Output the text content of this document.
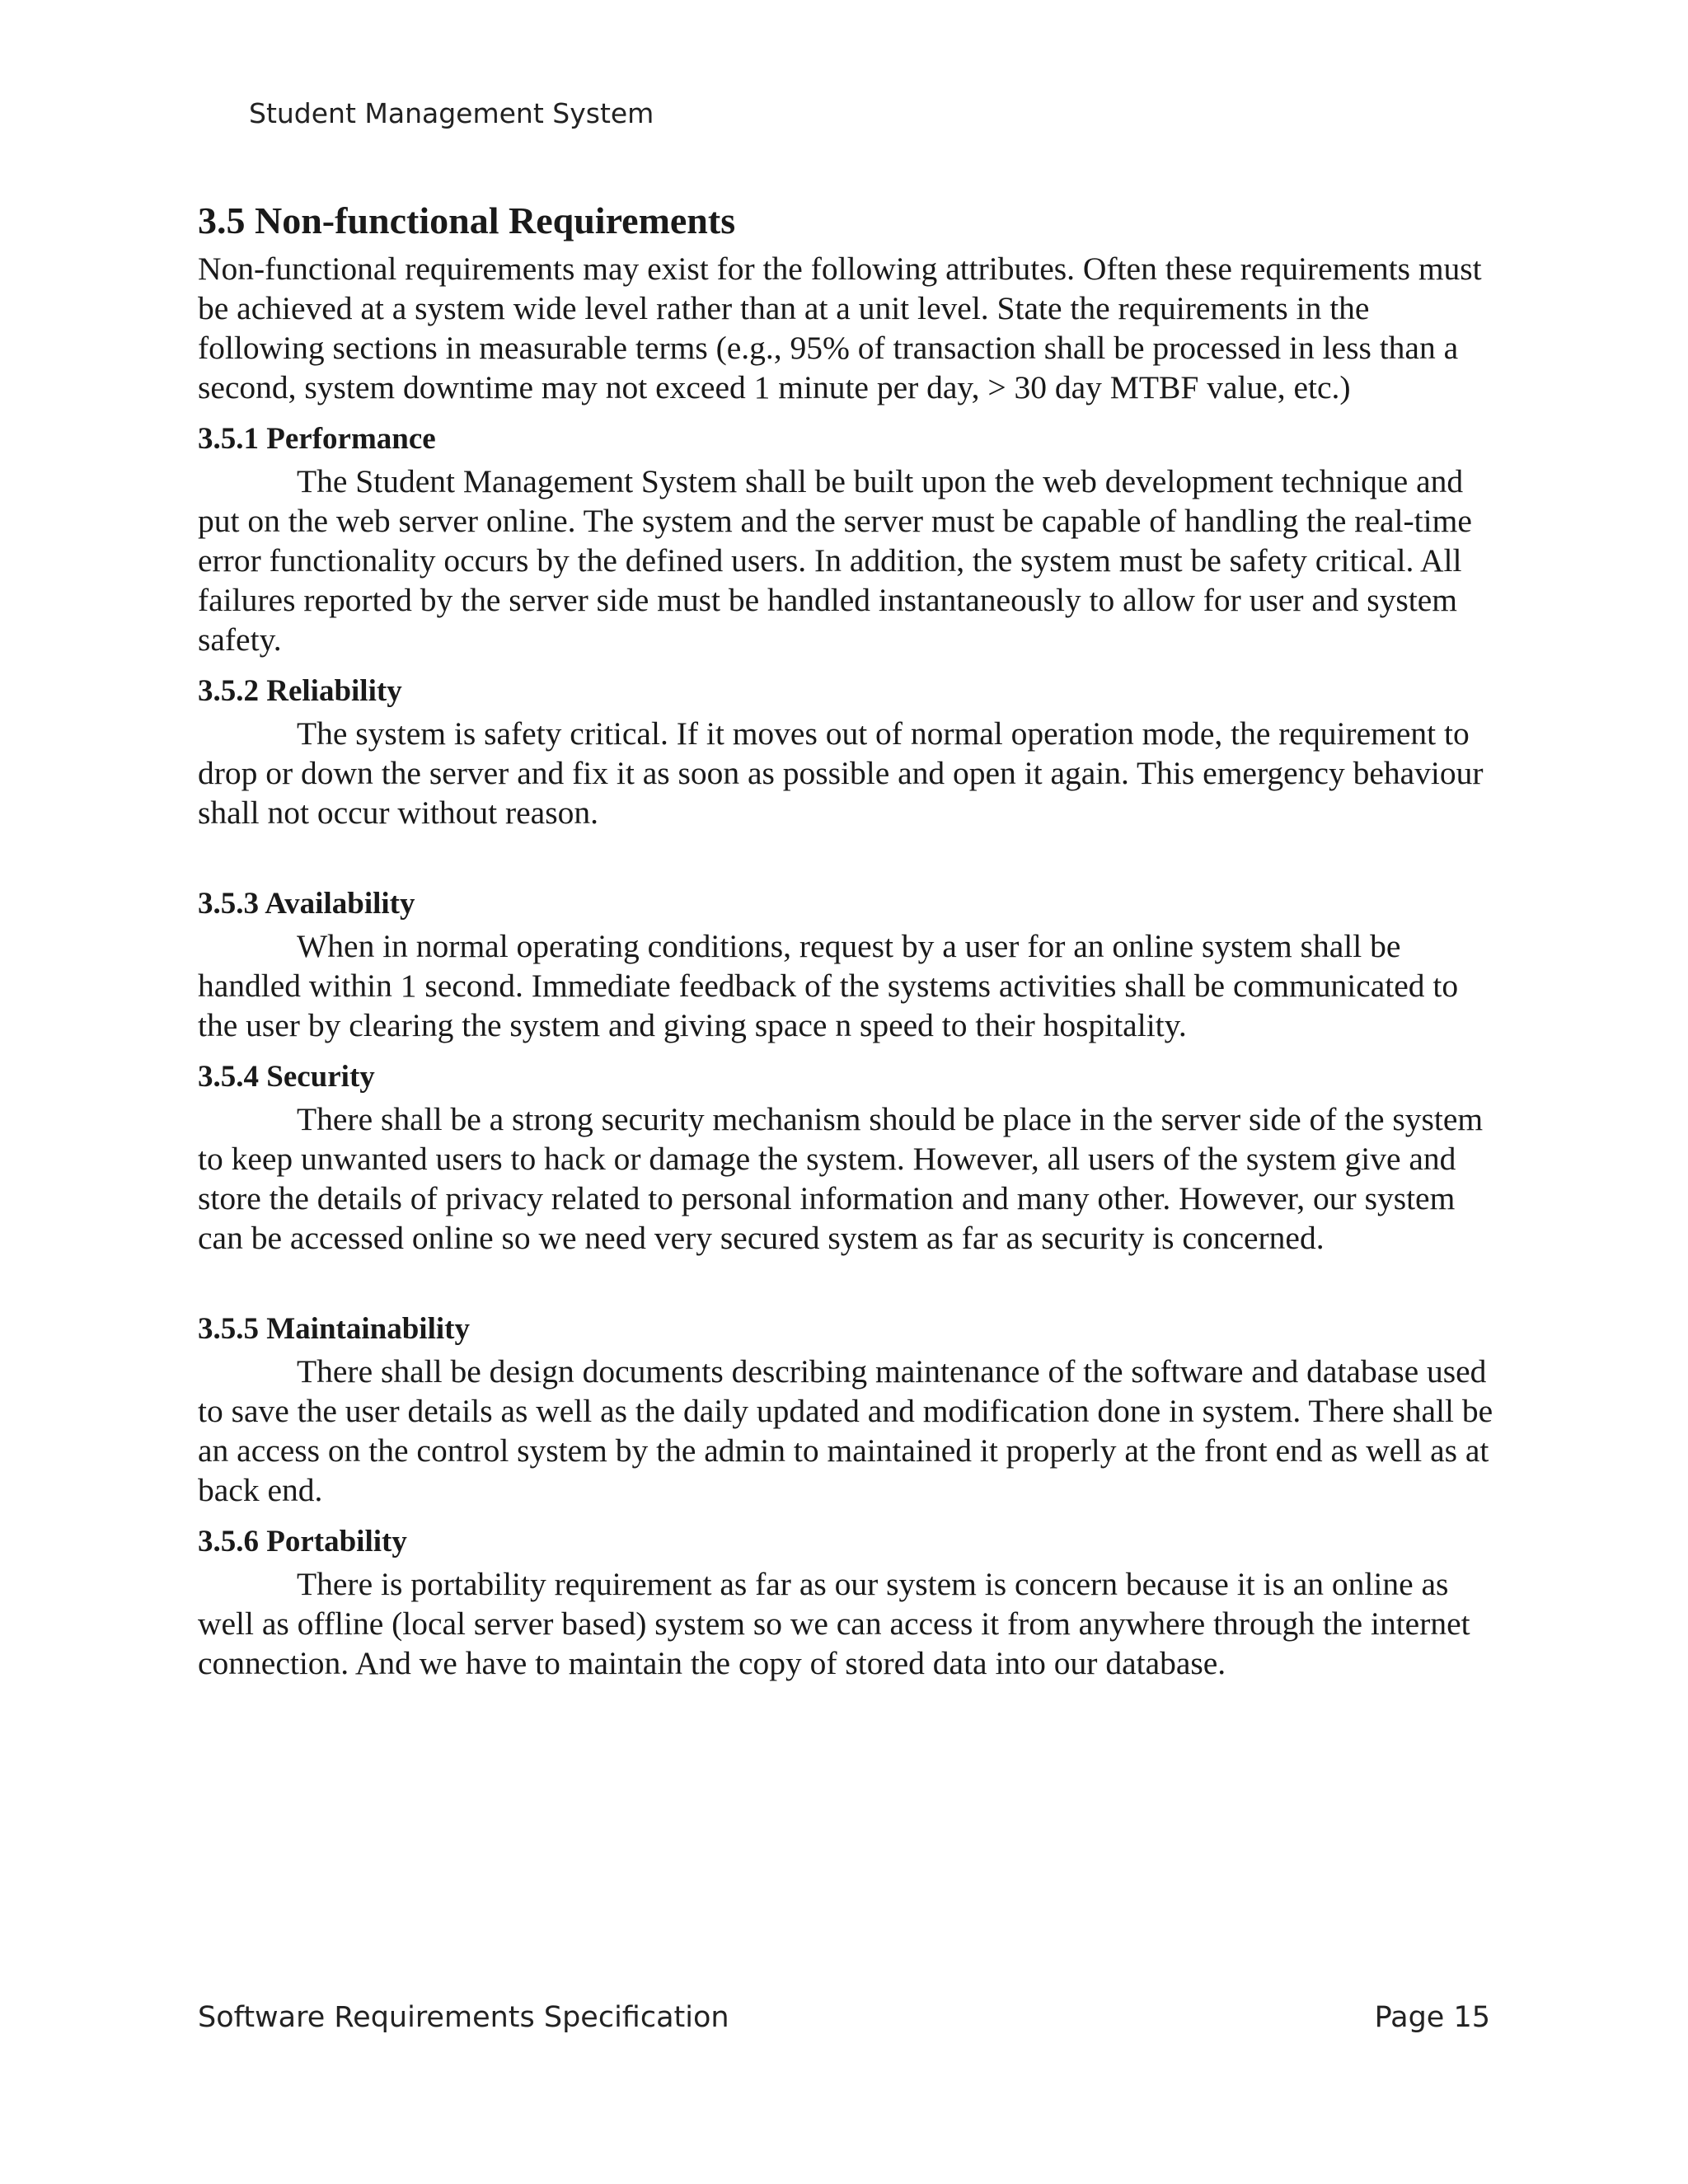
Student Management System
3.5 Non-functional Requirements

Non-functional requirements may exist for the following attributes. Often these requirements must be achieved at a system wide level rather than at a unit level. State the requirements in the following sections in measurable terms (e.g., 95% of transaction shall be processed in less than a second, system downtime may not exceed 1 minute per day, > 30 day MTBF value, etc.)

3.5.1 Performance

The Student Management System shall be built upon the web development technique and put on the web server online. The system and the server must be capable of handling the real-time error functionality occurs by the defined users. In addition, the system must be safety critical. All failures reported by the server side must be handled instantaneously to allow for user and system safety.

3.5.2 Reliability

The system is safety critical. If it moves out of normal operation mode, the requirement to drop or down the server and fix it as soon as possible and open it again. This emergency behaviour shall not occur without reason.

3.5.3 Availability

When in normal operating conditions, request by a user for an online system shall be handled within 1 second. Immediate feedback of the systems activities shall be communicated to the user by clearing the system and giving space n speed to their hospitality.

3.5.4 Security

There shall be a strong security mechanism should be place in the server side of the system to keep unwanted users to hack or damage the system. However, all users of the system give and store the details of privacy related to personal information and many other. However, our system can be accessed online so we need very secured system as far as security is concerned.

3.5.5 Maintainability

There shall be design documents describing maintenance of the software and database used to save the user details as well as the daily updated and modification done in system. There shall be an access on the control system by the admin to maintained it properly at the front end as well as at back end.

3.5.6 Portability

There is portability requirement as far as our system is concern because it is an online as well as offline (local server based) system so we can access it from anywhere through the internet connection. And we have to maintain the copy of stored data into our database.

Software Requirements Specification	Page 15
